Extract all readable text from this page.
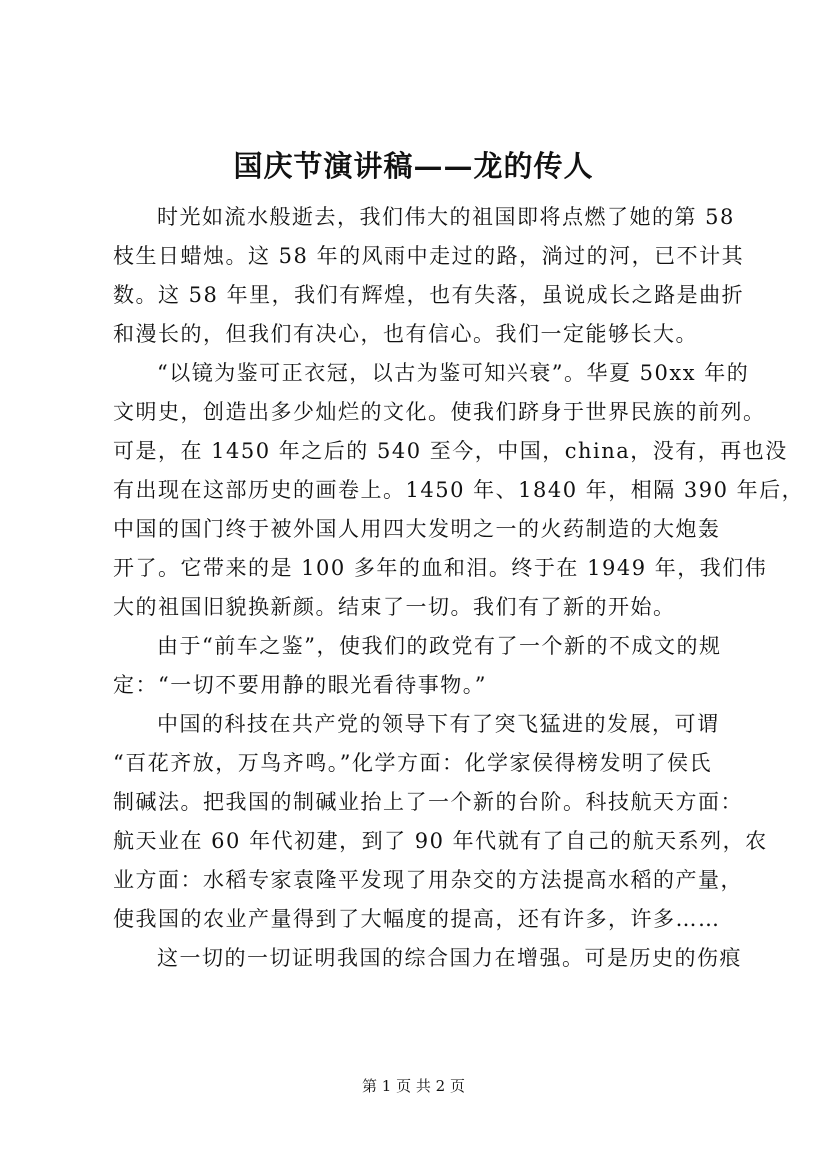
国庆节演讲稿——龙的传人
时光如流水般逝去，我们伟大的祖国即将点燃了她的第 58
枝生日蜡烛。这 58 年的风雨中走过的路，淌过的河，已不计其
数。这 58 年里，我们有辉煌，也有失落，虽说成长之路是曲折
和漫长的，但我们有决心，也有信心。我们一定能够长大。
“以镜为鉴可正衣冠，以古为鉴可知兴衰”。华夏 50xx 年的
文明史，创造出多少灿烂的文化。使我们跻身于世界民族的前列。
可是，在 1450 年之后的 540 至今，中国，china，没有，再也没
有出现在这部历史的画卷上。1450 年、1840 年，相隔 390 年后，
中国的国门终于被外国人用四大发明之一的火药制造的大炮轰
开了。它带来的是 100 多年的血和泪。终于在 1949 年，我们伟
大的祖国旧貌换新颜。结束了一切。我们有了新的开始。
由于“前车之鉴”，使我们的政党有了一个新的不成文的规
定：“一切不要用静的眼光看待事物。”
中国的科技在共产党的领导下有了突飞猛进的发展，可谓
“百花齐放，万鸟齐鸣。”化学方面：化学家侯得榜发明了侯氏
制碱法。把我国的制碱业抬上了一个新的台阶。科技航天方面：
航天业在 60 年代初建，到了 90 年代就有了自己的航天系列，农
业方面：水稻专家袁隆平发现了用杂交的方法提高水稻的产量，
使我国的农业产量得到了大幅度的提高，还有许多，许多……
这一切的一切证明我国的综合国力在增强。可是历史的伤痕
第 1 页 共 2 页
